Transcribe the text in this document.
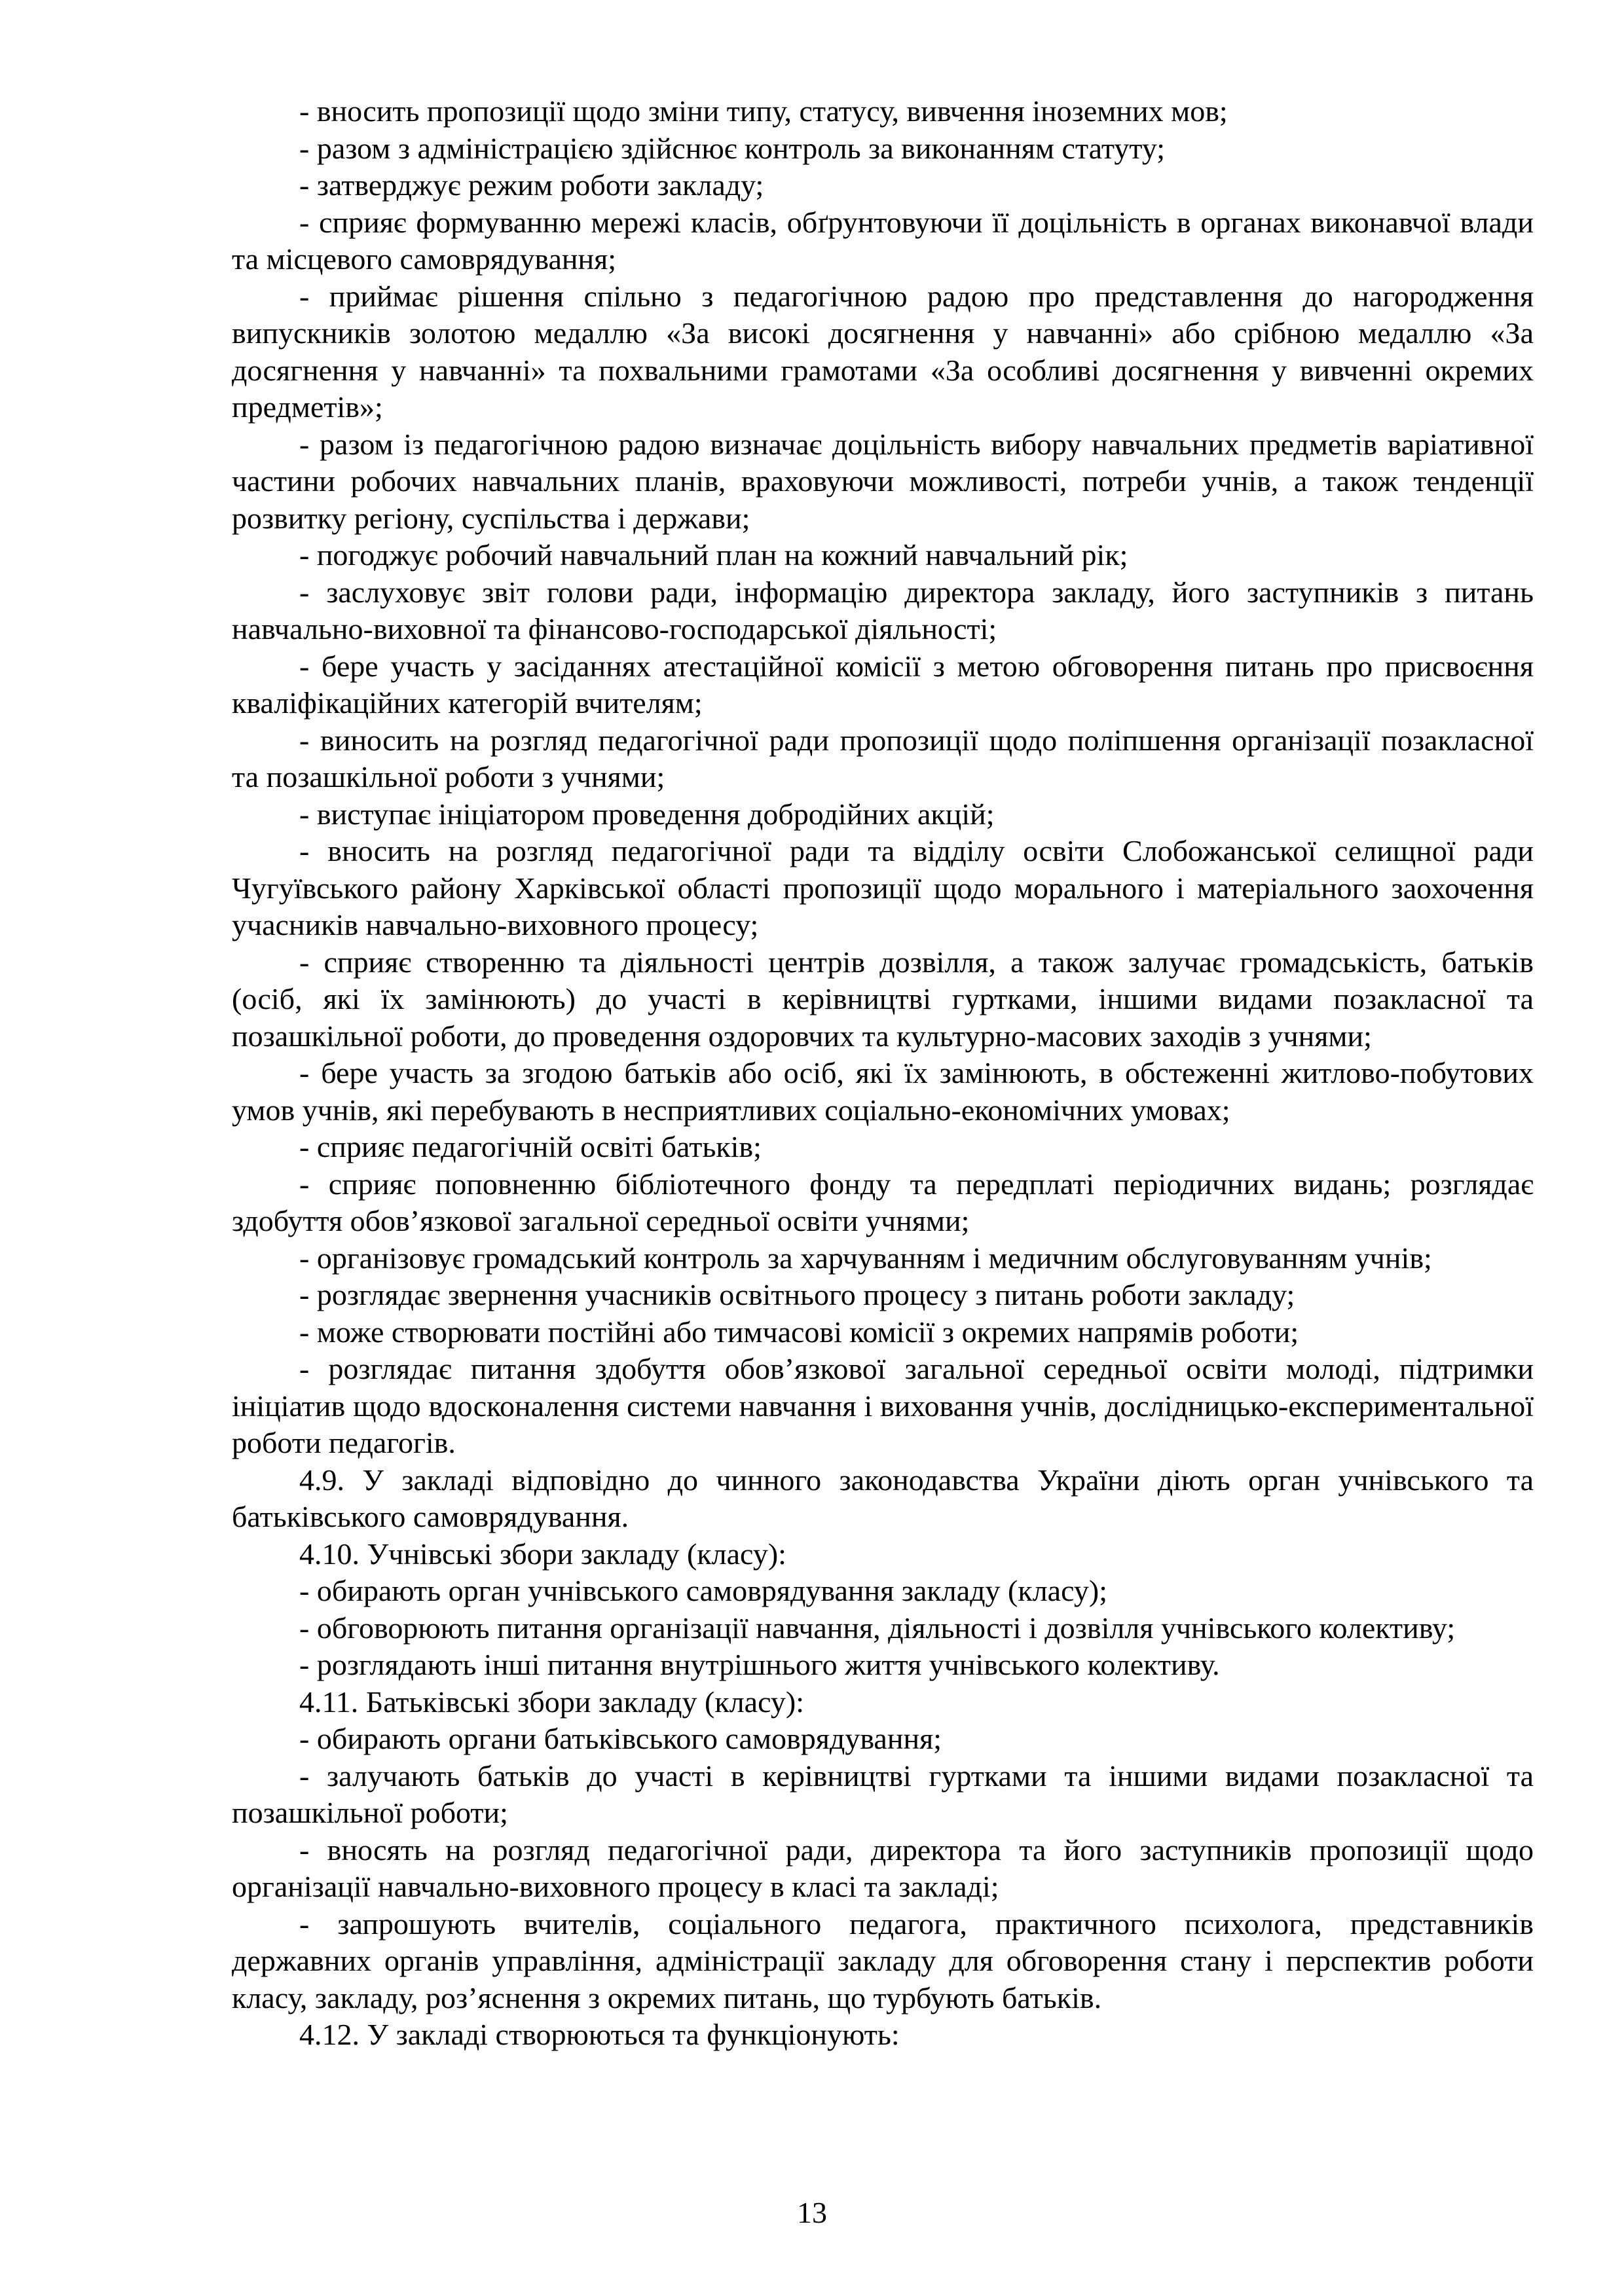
- вносить пропозиції щодо зміни типу, статусу, вивчення іноземних мов;

- разом з адміністрацією здійснює контроль за виконанням статуту;

- затверджує режим роботи закладу;

- сприяє формуванню мережі класів, обґрунтовуючи її доцільність в органах виконавчої влади та місцевого самоврядування;

- приймає рішення спільно з педагогічною радою про представлення до нагородження випускників золотою медаллю «За високі досягнення у навчанні» або срібною медаллю «За досягнення у навчанні» та похвальними грамотами «За особливі досягнення у вивченні окремих предметів»;

- разом із педагогічною радою визначає доцільність вибору навчальних предметів варіативної частини робочих навчальних планів, враховуючи можливості, потреби учнів, а також тенденції розвитку регіону, суспільства і держави;

- погоджує робочий навчальний план на кожний навчальний рік;

- заслуховує звіт голови ради, інформацію директора закладу, його заступників з питань навчально-виховної та фінансово-господарської діяльності;

- бере участь у засіданнях атестаційної комісії з метою обговорення питань про присвоєння кваліфікаційних категорій вчителям;

- виносить на розгляд педагогічної ради пропозиції щодо поліпшення організації позакласної та позашкільної роботи з учнями;

- виступає ініціатором проведення добродійних акцій;

- вносить на розгляд педагогічної ради та відділу освіти Слобожанської селищної ради Чугуївського району Харківської області пропозиції щодо морального і матеріального заохочення учасників навчально-виховного процесу;

- сприяє створенню та діяльності центрів дозвілля, а також залучає громадськість, батьків (осіб, які їх замінюють) до участі в керівництві гуртками, іншими видами позакласної та позашкільної роботи, до проведення оздоровчих та культурно-масових заходів з учнями;

- бере участь за згодою батьків або осіб, які їх замінюють, в обстеженні житлово-побутових умов учнів, які перебувають в несприятливих соціально-економічних умовах;

- сприяє педагогічній освіті батьків;

- сприяє поповненню бібліотечного фонду та передплаті періодичних видань; розглядає здобуття обов’язкової загальної середньої освіти учнями;

- організовує громадський контроль за харчуванням і медичним обслуговуванням учнів;

- розглядає звернення учасників освітнього процесу з питань роботи закладу;

- може створювати постійні або тимчасові комісії з окремих напрямів роботи;

- розглядає питання здобуття обов’язкової загальної середньої освіти молоді, підтримки ініціатив щодо вдосконалення системи навчання і виховання учнів, дослідницько-експериментальної роботи педагогів.

4.9. У закладі відповідно до чинного законодавства України діють орган учнівського та батьківського самоврядування.

4.10. Учнівські збори закладу (класу):

- обирають орган учнівського самоврядування закладу (класу);

- обговорюють питання організації навчання, діяльності і дозвілля учнівського колективу;

- розглядають інші питання внутрішнього життя учнівського колективу.

4.11. Батьківські збори закладу (класу):

- обирають органи батьківського самоврядування;

- залучають батьків до участі в керівництві гуртками та іншими видами позакласної та позашкільної роботи;

- вносять на розгляд педагогічної ради, директора та його заступників пропозиції щодо організації навчально-виховного процесу в класі та закладі;

- запрошують вчителів, соціального педагога, практичного психолога, представників державних органів управління, адміністрації закладу для обговорення стану і перспектив роботи класу, закладу, роз’яснення з окремих питань, що турбують батьків.

4.12. У закладі створюються та функціонують:

13
